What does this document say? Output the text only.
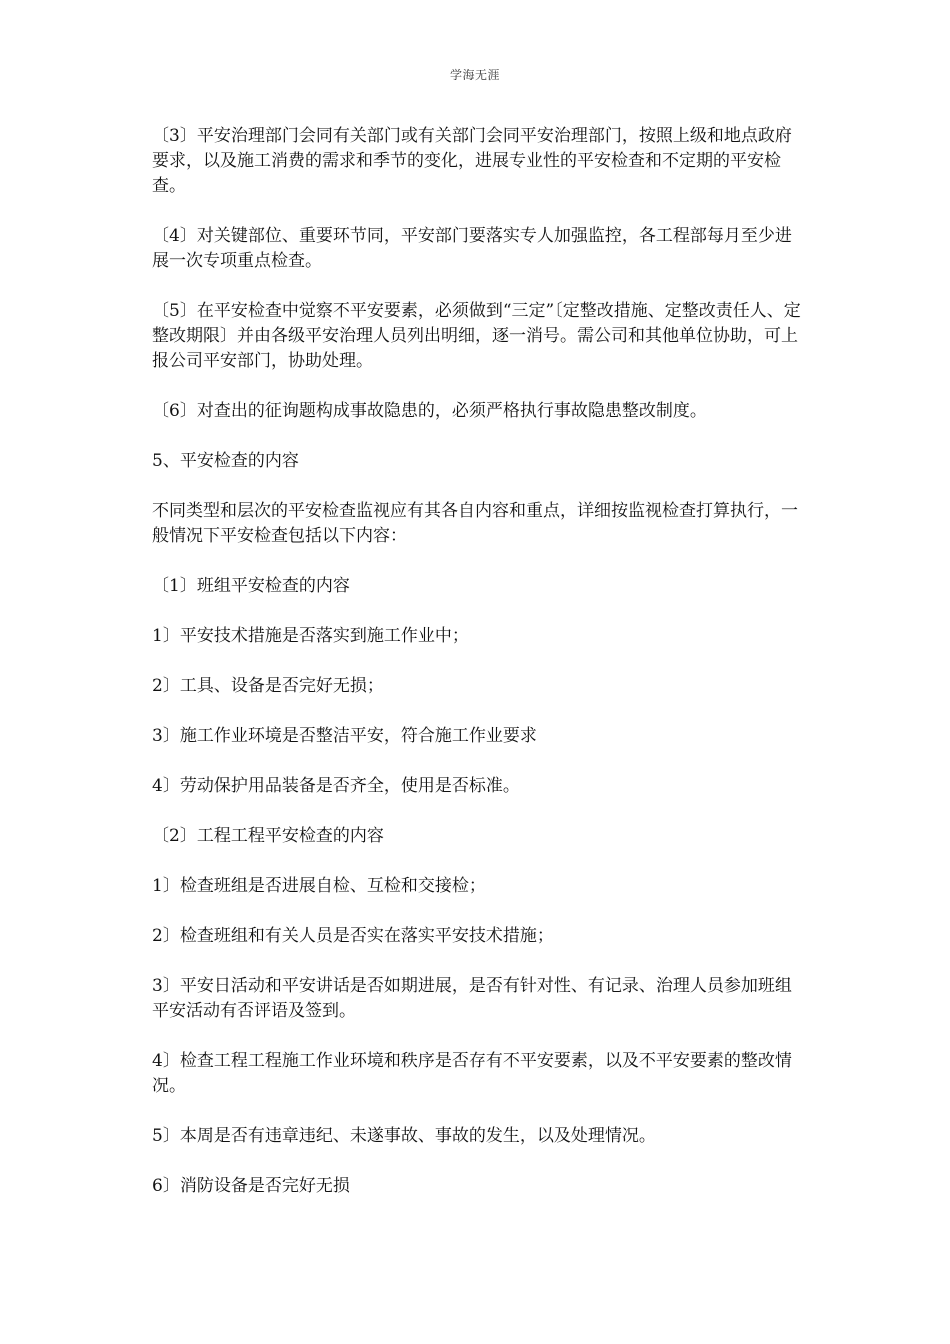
学海无涯

〔3〕平安治理部门会同有关部门或有关部门会同平安治理部门，按照上级和地点政府要求，以及施工消费的需求和季节的变化，进展专业性的平安检查和不定期的平安检查。

〔4〕对关键部位、重要环节同，平安部门要落实专人加强监控，各工程部每月至少进展一次专项重点检查。

〔5〕在平安检查中觉察不平安要素，必须做到“三定”〔定整改措施、定整改责任人、定整改期限〕并由各级平安治理人员列出明细，逐一消号。需公司和其他单位协助，可上报公司平安部门，协助处理。

〔6〕对查出的征询题构成事故隐患的，必须严格执行事故隐患整改制度。

5、平安检查的内容

不同类型和层次的平安检查监视应有其各自内容和重点，详细按监视检查打算执行，一般情况下平安检查包括以下内容：

〔1〕班组平安检查的内容

1〕平安技术措施是否落实到施工作业中；

2〕工具、设备是否完好无损；

3〕施工作业环境是否整洁平安，符合施工作业要求

4〕劳动保护用品装备是否齐全，使用是否标准。

〔2〕工程工程平安检查的内容

1〕检查班组是否进展自检、互检和交接检；

2〕检查班组和有关人员是否实在落实平安技术措施；

3〕平安日活动和平安讲话是否如期进展，是否有针对性、有记录、治理人员参加班组平安活动有否评语及签到。

4〕检查工程工程施工作业环境和秩序是否存有不平安要素，以及不平安要素的整改情况。

5〕本周是否有违章违纪、未遂事故、事故的发生，以及处理情况。

6〕消防设备是否完好无损
